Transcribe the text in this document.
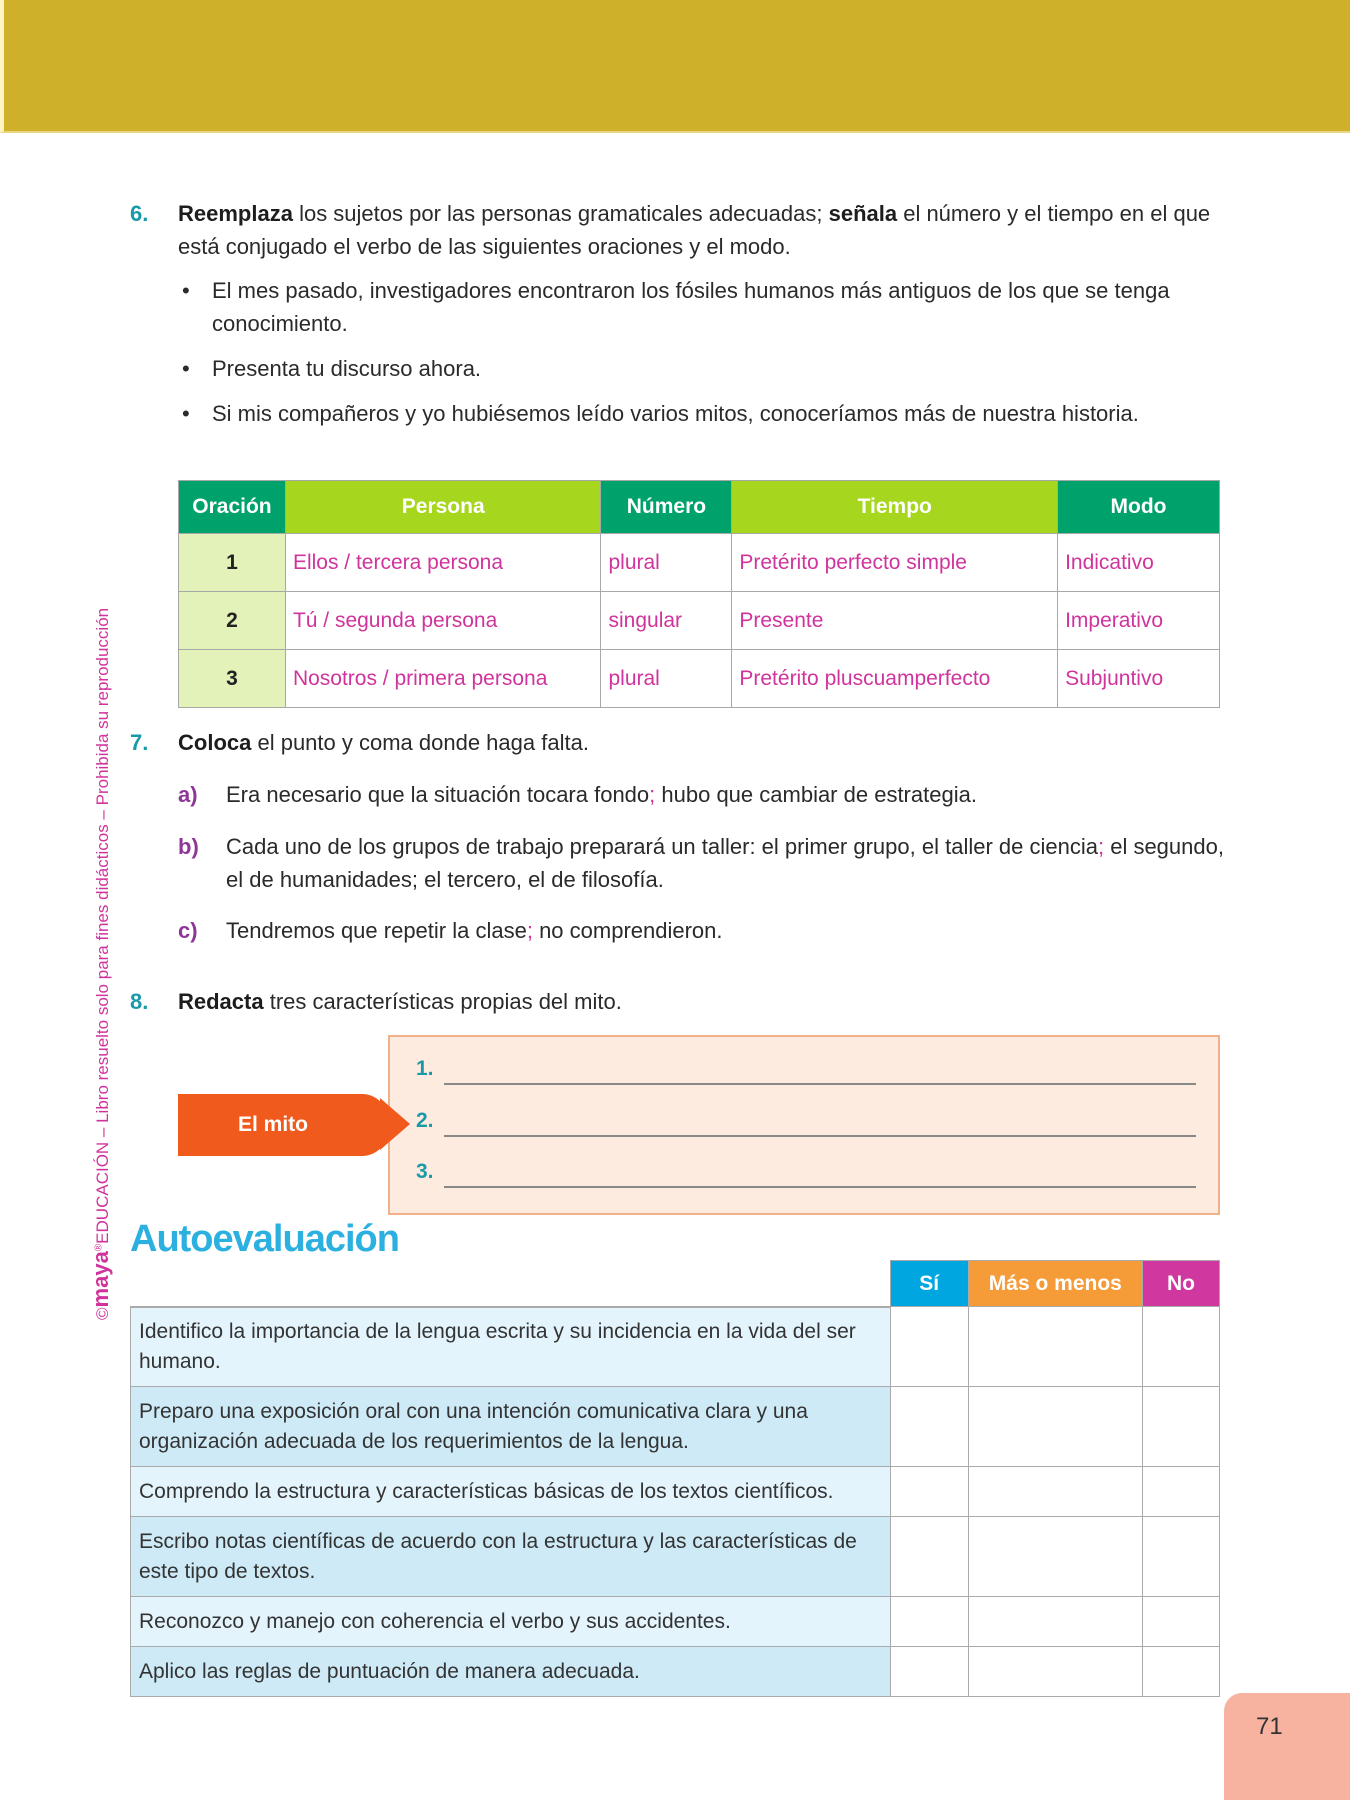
©maya®EDUCACIÓN – Libro resuelto solo para fines didácticos – Prohibida su reproducción
6. Reemplaza los sujetos por las personas gramaticales adecuadas; señala el número y el tiempo en el que está conjugado el verbo de las siguientes oraciones y el modo.
• El mes pasado, investigadores encontraron los fósiles humanos más antiguos de los que se tenga conocimiento.
• Presenta tu discurso ahora.
• Si mis compañeros y yo hubiésemos leído varios mitos, conoceríamos más de nuestra historia.
Oración	Persona	Número	Tiempo	Modo
1	Ellos / tercera persona	plural	Pretérito perfecto simple	Indicativo
2	Tú / segunda persona	singular	Presente	Imperativo
3	Nosotros / primera persona	plural	Pretérito pluscuamperfecto	Subjuntivo
7. Coloca el punto y coma donde haga falta.
a) Era necesario que la situación tocara fondo; hubo que cambiar de estrategia.
b) Cada uno de los grupos de trabajo preparará un taller: el primer grupo, el taller de ciencia; el segundo, el de humanidades; el tercero, el de filosofía.
c) Tendremos que repetir la clase; no comprendieron.
8. Redacta tres características propias del mito.
1.
2.
3.
El mito
Autoevaluación
	Sí	Más o menos	No
Identifico la importancia de la lengua escrita y su incidencia en la vida del ser humano.			
Preparo una exposición oral con una intención comunicativa clara y una organización adecuada de los requerimientos de la lengua.			
Comprendo la estructura y características básicas de los textos científicos.			
Escribo notas científicas de acuerdo con la estructura y las características de este tipo de textos.			
Reconozco y manejo con coherencia el verbo y sus accidentes.			
Aplico las reglas de puntuación de manera adecuada.			
71
